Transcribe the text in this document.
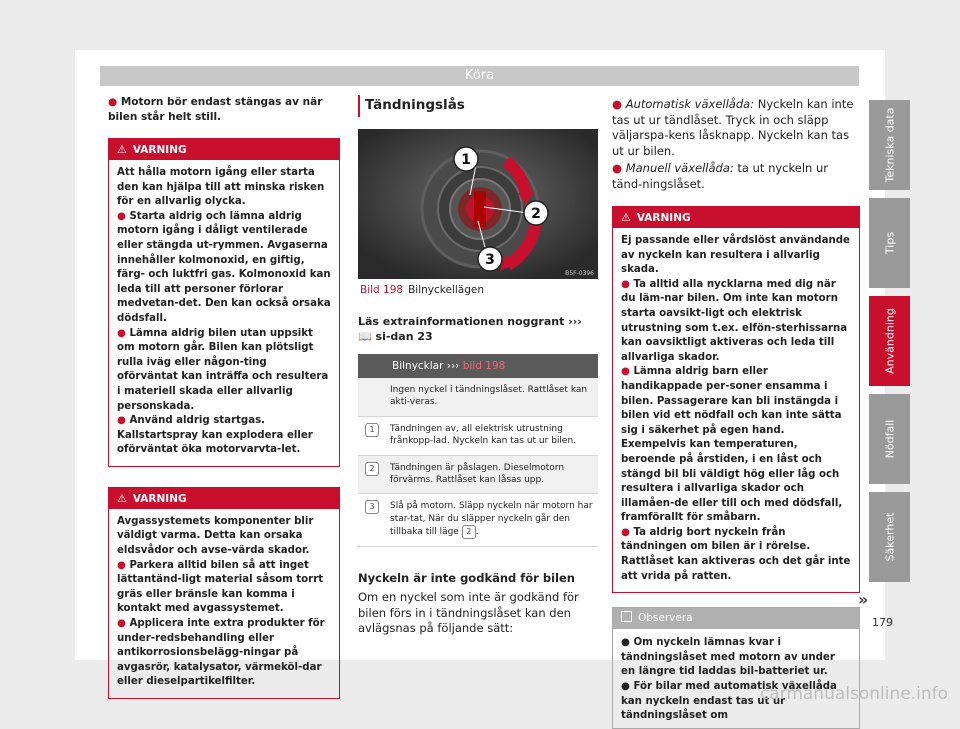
Köra

● Motorn bör endast stängas av när bilen står helt still.

⚠ VARNING

Att hålla motorn igång eller starta den kan hjälpa till att minska risken för en allvarlig olycka.

● Starta aldrig och lämna aldrig motorn igång i dåligt ventilerade eller stängda ut-rymmen. Avgaserna innehåller kolmonoxid, en giftig, färg- och luktfri gas. Kolmonoxid kan leda till att personer förlorar medvetan-det. Den kan också orsaka dödsfall.

● Lämna aldrig bilen utan uppsikt om motorn går. Bilen kan plötsligt rulla iväg eller någon-ting oförväntat kan inträffa och resultera i materiell skada eller allvarlig personskada.

● Använd aldrig startgas. Kallstartspray kan explodera eller oförväntat öka motorvarvta-let.

⚠ VARNING

Avgassystemets komponenter blir väldigt varma. Detta kan orsaka eldsvådor och avse-värda skador.

● Parkera alltid bilen så att inget lättantänd-ligt material såsom torrt gräs eller bränsle kan komma i kontakt med avgassystemet.

● Applicera inte extra produkter för under-redsbehandling eller antikorrosionsbelägg-ningar på avgasrör, katalysator, värmeköl-dar eller dieselpartikelfilter.

Tändningslås
1
2
3
B5F-0396
Bild 198 Bilnyckellägen

Läs extrainformationen noggrant ››› 📖 si-dan 23

Bilnycklar ››› bild 198	
	Ingen nyckel i tändningslåset. Rattlåset kan akti-veras.
1	Tändningen av, all elektrisk utrustning frånkopp-lad. Nyckeln kan tas ut ur bilen.
2	Tändningen är påslagen. Dieselmotorn förvärms. Rattlåset kan låsas upp.
3	Slå på motorn. Släpp nyckeln när motorn har star-tat, När du släpper nyckeln går den tillbaka till läge 2 .

Nyckeln är inte godkänd för bilen

Om en nyckel som inte är godkänd för bilen förs in i tändningslåset kan den avlägsnas på följande sätt:

● Automatisk växellåda: Nyckeln kan inte tas ut ur tändlåset. Tryck in och släpp väljarspa-kens låsknapp. Nyckeln kan tas ut ur bilen.

● Manuell växellåda: ta ut nyckeln ur tänd-ningslåset.

⚠ VARNING

Ej passande eller vårdslöst användande av nyckeln kan resultera i allvarlig skada.

● Ta alltid alla nycklarna med dig när du läm-nar bilen. Om inte kan motorn starta oavsikt-ligt och elektrisk utrustning som t.ex. elfön-sterhissarna kan oavsiktligt aktiveras och leda till allvarliga skador.

● Lämna aldrig barn eller handikappade per-soner ensamma i bilen. Passagerare kan bli instängda i bilen vid ett nödfall och kan inte sätta sig i säkerhet på egen hand. Exempelvis kan temperaturen, beroende på årstiden, i en låst och stängd bil bli väldigt hög eller låg och resultera i allvarliga skador och illamåen-de eller till och med dödsfall, framförallt för småbarn.

● Ta aldrig bort nyckeln från tändningen om bilen är i rörelse. Rattlåset kan aktiveras och det går inte att vrida på ratten.

Observera

● Om nyckeln lämnas kvar i tändningslåset med motorn av under en längre tid laddas bil-batteriet ur.

● För bilar med automatisk växellåda kan nyckeln endast tas ut ur tändningslåset om

»
Tekniska data
Tips
Användning
Nödfall
Säkerhet
179
carmanualsonline.info
